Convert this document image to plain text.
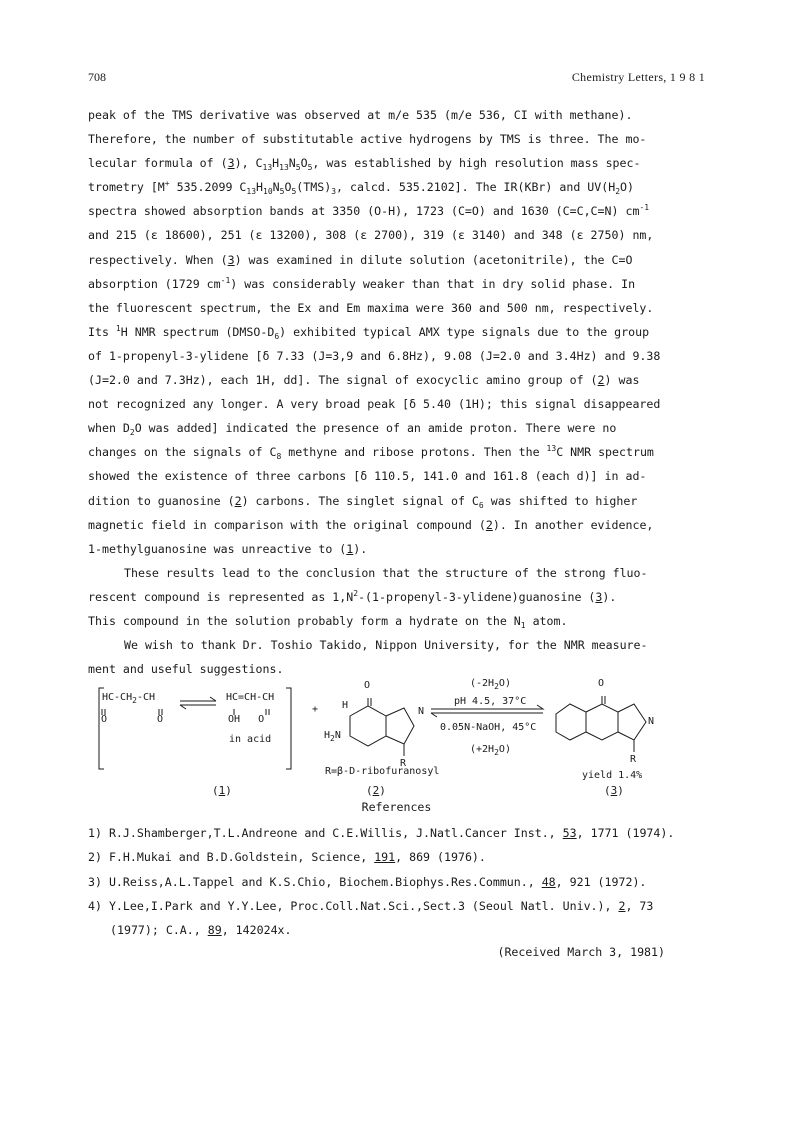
708	Chemistry Letters, 1 9 8 1

peak of the TMS derivative was observed at m/e 535 (m/e 536, CI with methane).

Therefore, the number of substitutable active hydrogens by TMS is three. The mo-

lecular formula of (3), $C_{13}H_{13}N_5O_5$, was established by high resolution mass spec-

trometry [M+ 535.2099 $C_{13}H_{10}N_5O_5(TMS)_3$, calcd. 535.2102]. The IR(KBr) and $UV(H_2O)$

spectra showed absorption bands at 3350 (O-H), 1723 (C=O) and 1630 (C=C,C=N) $cm^{-1}$

and 215 (ε 18600), 251 (ε 13200), 308 (ε 2700), 319 (ε 3140) and 348 (ε 2750) nm,

respectively. When (3) was examined in dilute solution (acetonitrile), the C=O

absorption (1729 $cm^{-1}$) was considerably weaker than that in dry solid phase. In

the fluorescent spectrum, the Ex and Em maxima were 360 and 500 nm, respectively.

Its $^1$H NMR spectrum $(DMSO-D_6)$ exhibited typical AMX type signals due to the group

of 1-propenyl-3-ylidene [δ 7.33 (J=3,9 and 6.8Hz), 9.08 (J=2.0 and 3.4Hz) and 9.38

(J=2.0 and 7.3Hz), each 1H, dd]. The signal of exocyclic amino group of (2) was

not recognized any longer. A very broad peak [δ 5.40 (1H); this signal disappeared

when $D_2O$ was added] indicated the presence of an amide proton. There were no

changes on the signals of $C_8$ methyne and ribose protons. Then the $^{13}$C NMR spectrum

showed the existence of three carbons [δ 110.5, 141.0 and 161.8 (each d)] in ad-

dition to guanosine (2) carbons. The singlet signal of $C_6$ was shifted to higher

magnetic field in comparison with the original compound (2). In another evidence,

1-methylguanosine was unreactive to (1).

These results lead to the conclusion that the structure of the strong fluo-

rescent compound is represented as $1,N^2-(1-propenyl-3-ylidene)guanosine$ (3).

This compound in the solution probably form a hydrate on the $N_1$ atom.

We wish to thank Dr. Toshio Takido, Nippon University, for the NMR measure-

ment and useful suggestions.

$HC-CH_2-CH$
O	O
HC=CH-CH
OH   O
in acid
+
O
H
N
$H_2N$
R
$(-2H_2O)$
pH 4.5, 37°C
0.05N-NaOH, 45°C
$(+2H_2O)$
O
N
R
R=β-D-ribofuranosyl	yield 1.4%
(1)	(2)	(3)
References

1) R.J.Shamberger,T.L.Andreone and C.E.Willis, J.Natl.Cancer Inst., 53, 1771 (1974).

2) F.H.Mukai and B.D.Goldstein, Science, 191, 869 (1976).

3) U.Reiss,A.L.Tappel and K.S.Chio, Biochem.Biophys.Res.Commun., 48, 921 (1972).

4) Y.Lee,I.Park and Y.Y.Lee, Proc.Coll.Nat.Sci.,Sect.3 (Seoul Natl. Univ.), 2, 73

(1977); C.A., 89, 142024x.

(Received March 3, 1981)
